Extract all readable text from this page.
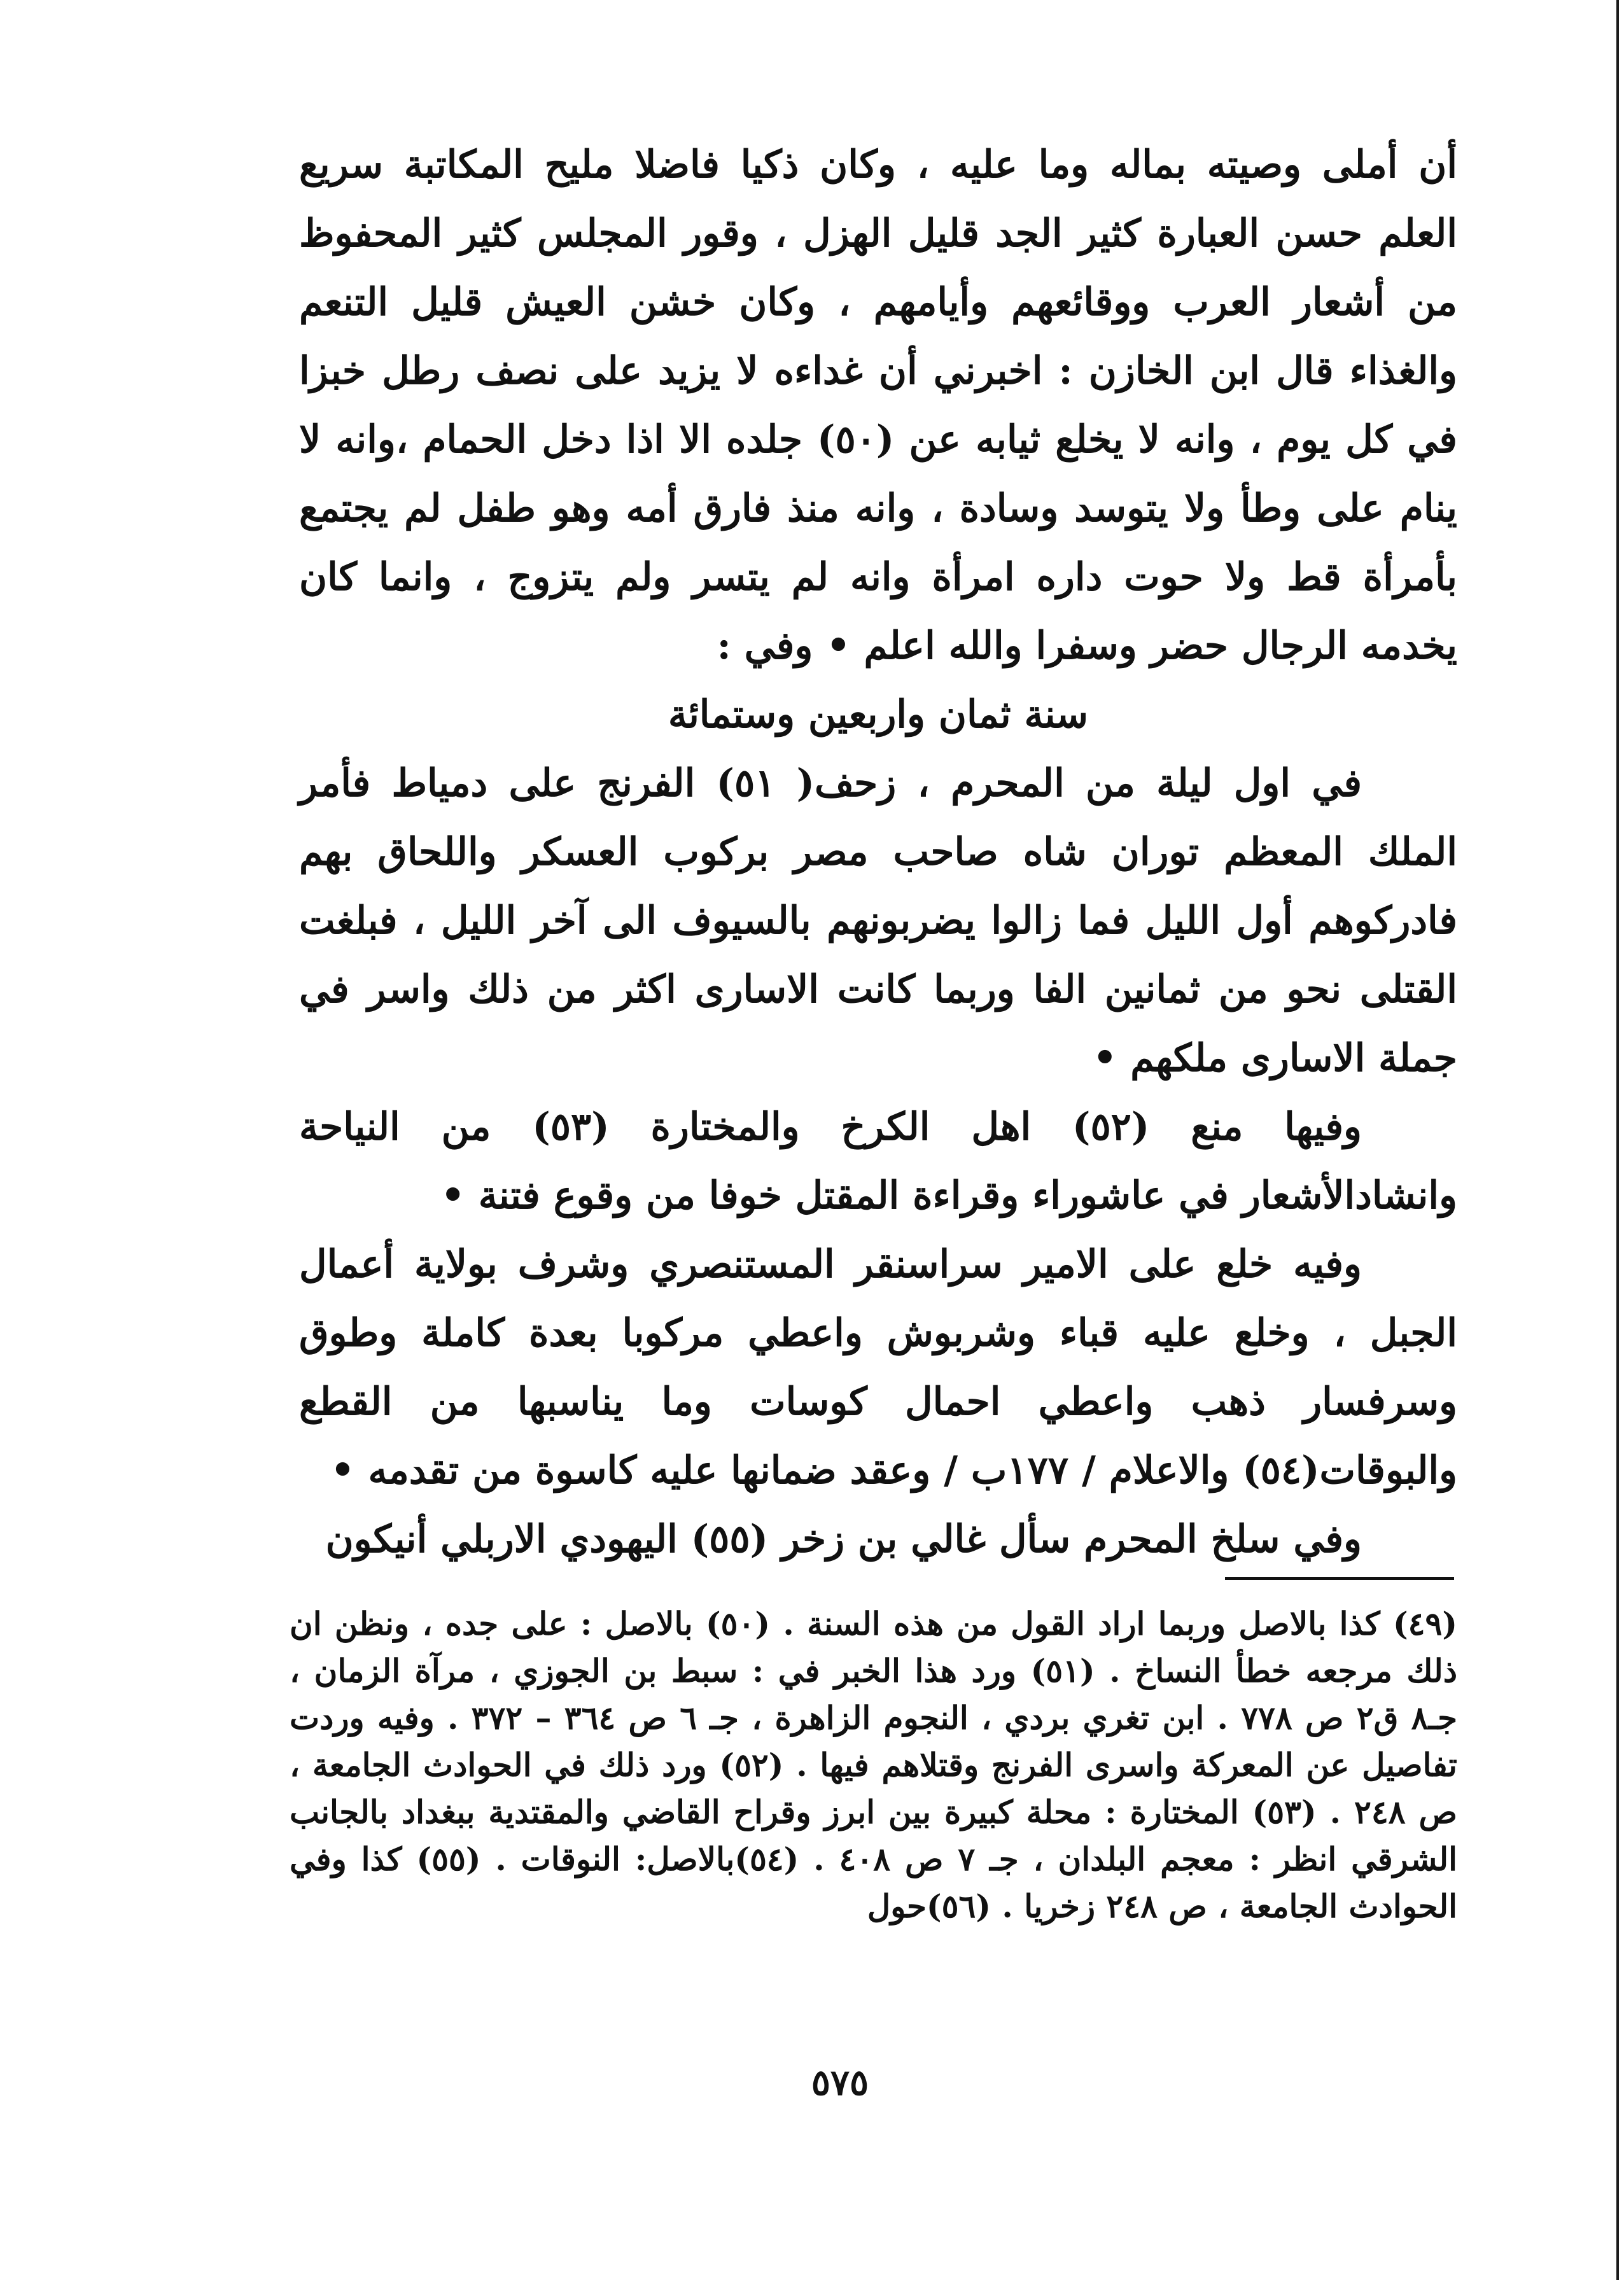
أن أملى وصيته بماله وما عليه ، وكان ذكيا فاضلا مليح المكاتبة سريع العلم حسن العبارة كثير الجد قليل الهزل ، وقور المجلس كثير المحفوظ من أشعار العرب ووقائعهم وأيامهم ، وكان خشن العيش قليل التنعم والغذاء قال ابن الخازن : اخبرني أن غداءه لا يزيد على نصف رطل خبزا في كل يوم ، وانه لا يخلع ثيابه عن (٥٠) جلده الا اذا دخل الحمام ،وانه لا ينام على وطأ ولا يتوسد وسادة ، وانه منذ فارق أمه وهو طفل لم يجتمع بأمرأة قط ولا حوت داره امرأة وانه لم يتسر ولم يتزوج ، وانما كان يخدمه الرجال حضر وسفرا والله اعلم • وفي :

سنة ثمان واربعين وستمائة

في اول ليلة من المحرم ، زحف( ٥١) الفرنج على دمياط فأمر الملك المعظم توران شاه صاحب مصر بركوب العسكر واللحاق بهم فادركوهم أول الليل فما زالوا يضربونهم بالسيوف الى آخر الليل ، فبلغت القتلى نحو من ثمانين الفا وربما كانت الاسارى اكثر من ذلك واسر في جملة الاسارى ملكهم •

وفيها منع (٥٢) اهل الكرخ والمختارة (٥٣) من النياحة وانشادالأشعار في عاشوراء وقراءة المقتل خوفا من وقوع فتنة •

وفيه خلع على الامير سراسنقر المستنصري وشرف بولاية أعمال الجبل ، وخلع عليه قباء وشربوش واعطي مركوبا بعدة كاملة وطوق وسرفسار ذهب واعطي احمال كوسات وما يناسبها من القطع والبوقات(٥٤) والاعلام / ١٧٧ب / وعقد ضمانها عليه كاسوة من تقدمه •

وفي سلخ المحرم سأل غالي بن زخر (٥٥) اليهودي الاربلي أنيكون

(٤٩) كذا بالاصل وربما اراد القول من هذه السنة . (٥٠) بالاصل : على جده ، ونظن ان ذلك مرجعه خطأ النساخ . (٥١) ورد هذا الخبر في : سبط بن الجوزي ، مرآة الزمان ، جـ٨ ق٢ ص ٧٧٨ . ابن تغري بردي ، النجوم الزاهرة ، جـ ٦ ص ٣٦٤ – ٣٧٢ . وفيه وردت تفاصيل عن المعركة واسرى الفرنج وقتلاهم فيها . (٥٢) ورد ذلك في الحوادث الجامعة ، ص ٢٤٨ . (٥٣) المختارة : محلة كبيرة بين ابرز وقراح القاضي والمقتدية ببغداد بالجانب الشرقي انظر : معجم البلدان ، جـ ٧ ص ٤٠٨ . (٥٤)بالاصل: النوقات . (٥٥) كذا وفي الحوادث الجامعة ، ص ٢٤٨ زخريا . (٥٦)حول

٥٧٥
